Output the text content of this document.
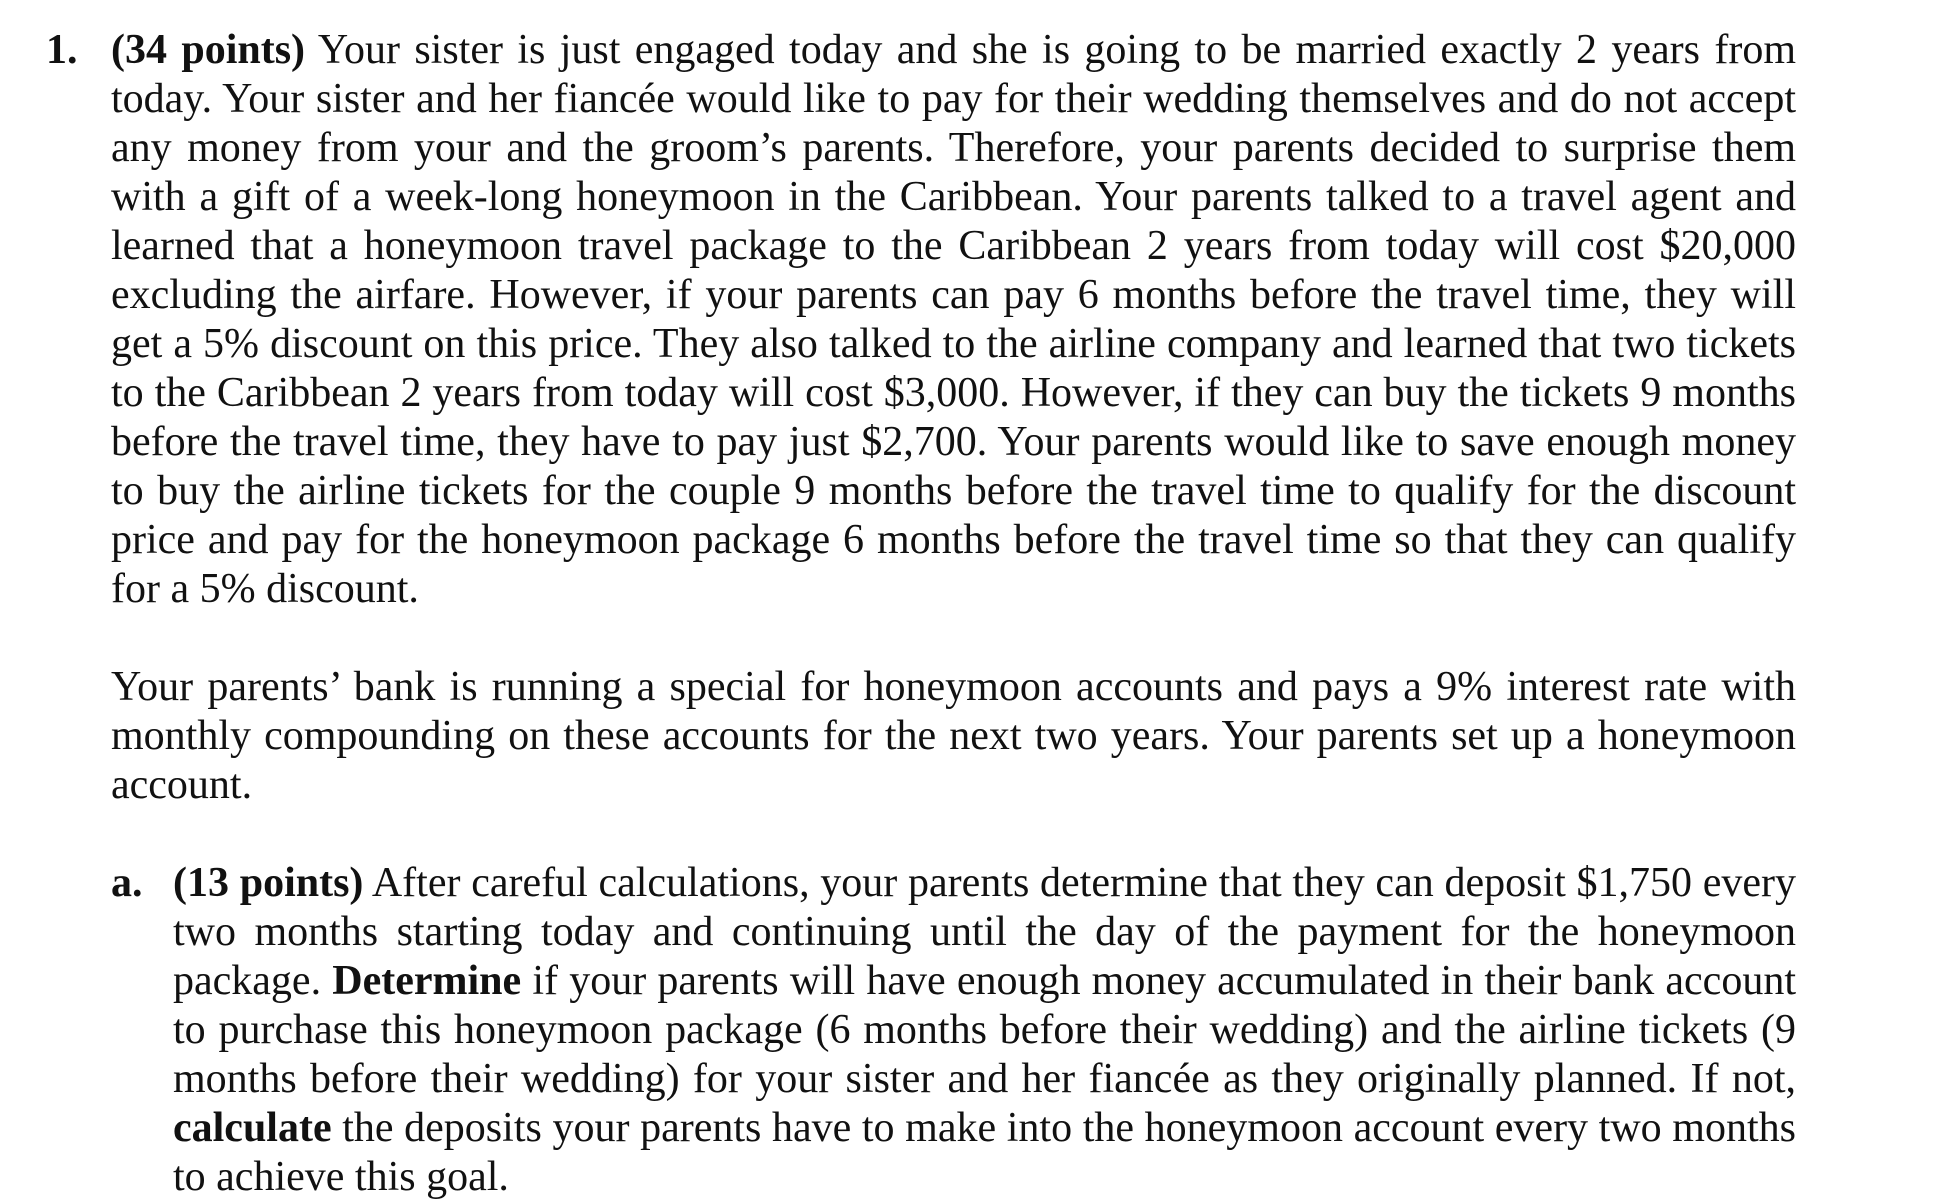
1. (34 points) Your sister is just engaged today and she is going to be married exactly 2 years from today. Your sister and her fiancée would like to pay for their wedding themselves and do not accept any money from your and the groom’s parents. Therefore, your parents decided to surprise them with a gift of a week-long honeymoon in the Caribbean. Your parents talked to a travel agent and learned that a honeymoon travel package to the Caribbean 2 years from today will cost $20,000 excluding the airfare. However, if your parents can pay 6 months before the travel time, they will get a 5% discount on this price. They also talked to the airline company and learned that two tickets to the Caribbean 2 years from today will cost $3,000. However, if they can buy the tickets 9 months before the travel time, they have to pay just $2,700. Your parents would like to save enough money to buy the airline tickets for the couple 9 months before the travel time to qualify for the discount price and pay for the honeymoon package 6 months before the travel time so that they can qualify for a 5% discount.
Your parents’ bank is running a special for honeymoon accounts and pays a 9% interest rate with monthly compounding on these accounts for the next two years. Your parents set up a honeymoon account.
a. (13 points) After careful calculations, your parents determine that they can deposit $1,750 every two months starting today and continuing until the day of the payment for the honeymoon package. Determine if your parents will have enough money accumulated in their bank account to purchase this honeymoon package (6 months before their wedding) and the airline tickets (9 months before their wedding) for your sister and her fiancée as they originally planned. If not, calculate the deposits your parents have to make into the honeymoon account every two months to achieve this goal.
